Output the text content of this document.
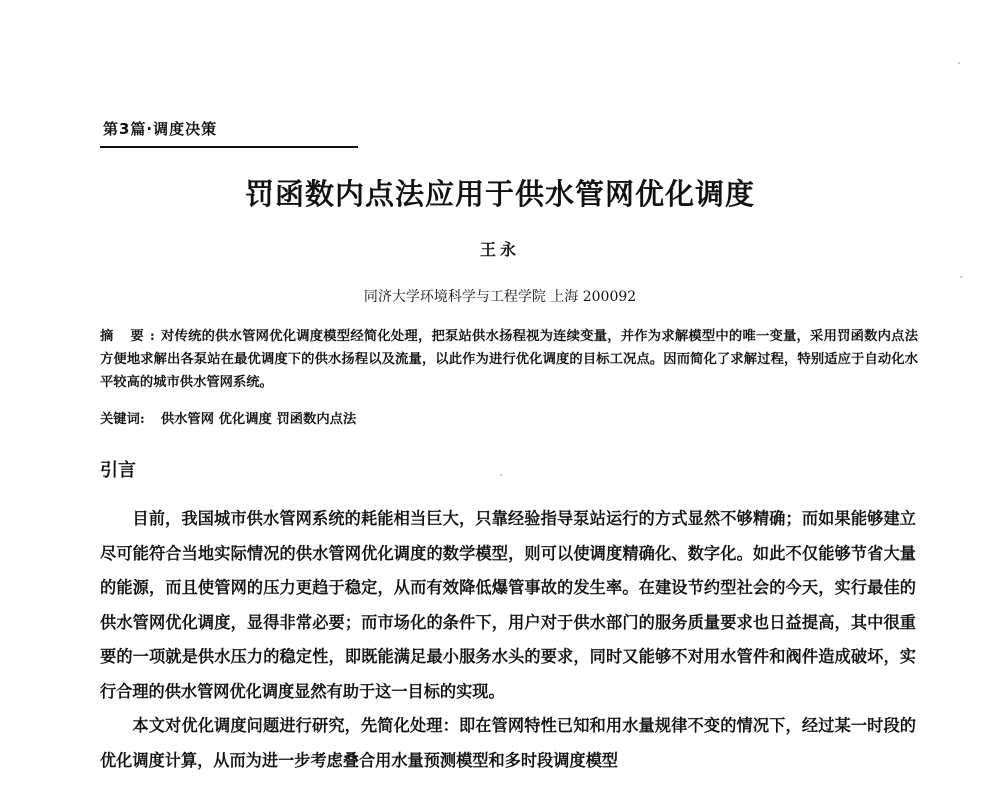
第3篇·调度决策
罚函数内点法应用于供水管网优化调度
王永
同济大学环境科学与工程学院 上海 200092
摘 要:对传统的供水管网优化调度模型经简化处理，把泵站供水扬程视为连续变量，并作为求解模型中的唯一变量，采用罚函数内点法方便地求解出各泵站在最优调度下的供水扬程以及流量，以此作为进行优化调度的目标工况点。因而简化了求解过程，特别适应于自动化水平较高的城市供水管网系统。
关键词: 供水管网 优化调度 罚函数内点法
引言

目前，我国城市供水管网系统的耗能相当巨大，只靠经验指导泵站运行的方式显然不够精确；而如果能够建立尽可能符合当地实际情况的供水管网优化调度的数学模型，则可以使调度精确化、数字化。如此不仅能够节省大量的能源，而且使管网的压力更趋于稳定，从而有效降低爆管事故的发生率。在建设节约型社会的今天，实行最佳的供水管网优化调度，显得非常必要；而市场化的条件下，用户对于供水部门的服务质量要求也日益提高，其中很重要的一项就是供水压力的稳定性，即既能满足最小服务水头的要求，同时又能够不对用水管件和阀件造成破坏，实行合理的供水管网优化调度显然有助于这一目标的实现。

本文对优化调度问题进行研究，先简化处理：即在管网特性已知和用水量规律不变的情况下，经过某一时段的优化调度计算，从而为进一步考虑叠合用水量预测模型和多时段调度模型
